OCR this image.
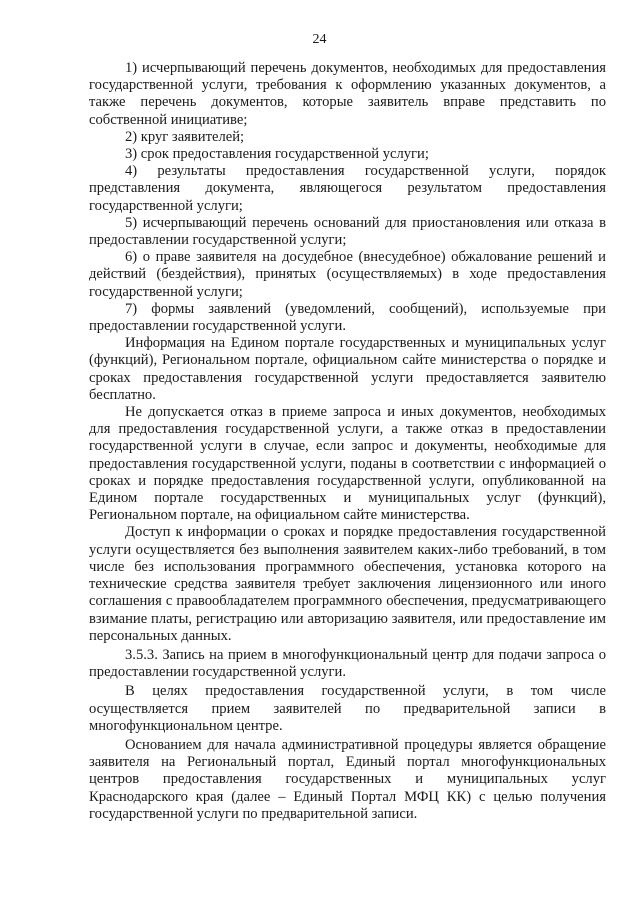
24

1) исчерпывающий перечень документов, необходимых для предоставления государственной услуги, требования к оформлению указанных документов, а также перечень документов, которые заявитель вправе представить по собственной инициативе;

2) круг заявителей;

3) срок предоставления государственной услуги;

4) результаты предоставления государственной услуги, порядок представления документа, являющегося результатом предоставления государственной услуги;

5) исчерпывающий перечень оснований для приостановления или отказа в предоставлении государственной услуги;

6) о праве заявителя на досудебное (внесудебное) обжалование решений и действий (бездействия), принятых (осуществляемых) в ходе предоставления государственной услуги;

7) формы заявлений (уведомлений, сообщений), используемые при предоставлении государственной услуги.

Информация на Едином портале государственных и муниципальных услуг (функций), Региональном портале, официальном сайте министерства о порядке и сроках предоставления государственной услуги предоставляется заявителю бесплатно.

Не допускается отказ в приеме запроса и иных документов, необходимых для предоставления государственной услуги, а также отказ в предоставлении государственной услуги в случае, если запрос и документы, необходимые для предоставления государственной услуги, поданы в соответствии с информацией о сроках и порядке предоставления государственной услуги, опубликованной на Едином портале государственных и муниципальных услуг (функций), Региональном портале, на официальном сайте министерства.

Доступ к информации о сроках и порядке предоставления государственной услуги осуществляется без выполнения заявителем каких-либо требований, в том числе без использования программного обеспечения, установка которого на технические средства заявителя требует заключения лицензионного или иного соглашения с правообладателем программного обеспечения, предусматривающего взимание платы, регистрацию или авторизацию заявителя, или предоставление им персональных данных.

3.5.3. Запись на прием в многофункциональный центр для подачи запроса о предоставлении государственной услуги.

В целях предоставления государственной услуги, в том числе осуществляется прием заявителей по предварительной записи в многофункциональном центре.

Основанием для начала административной процедуры является обращение заявителя на Региональный портал, Единый портал многофункциональных центров предоставления государственных и муниципальных услуг Краснодарского края (далее – Единый Портал МФЦ КК) с целью получения государственной услуги по предварительной записи.
